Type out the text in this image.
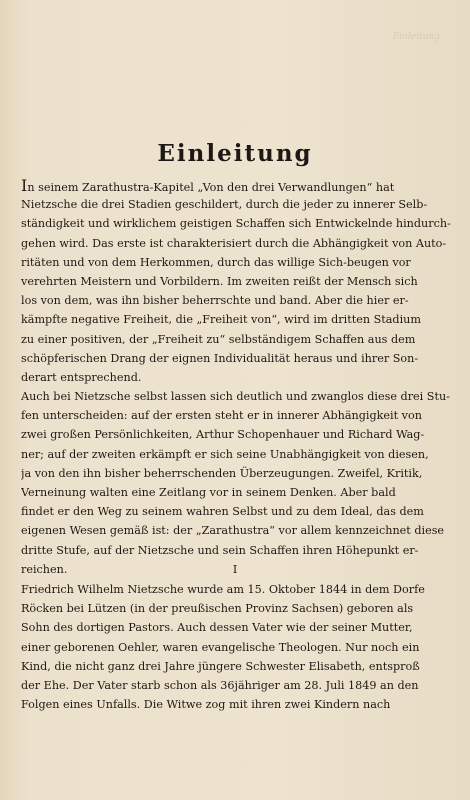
Einleitung
Einleitung
In seinem Zarathustra-Kapitel „Von den drei Verwandlungen“ hat
Nietzsche die drei Stadien geschildert, durch die jeder zu innerer Selb-
ständigkeit und wirklichem geistigen Schaffen sich Entwickelnde hindurch-
gehen wird. Das erste ist charakterisiert durch die Abhängigkeit von Auto-
ritäten und von dem Herkommen, durch das willige Sich-beugen vor
verehrten Meistern und Vorbildern. Im zweiten reißt der Mensch sich
los von dem, was ihn bisher beherrschte und band. Aber die hier er-
kämpfte negative Freiheit, die „Freiheit von“, wird im dritten Stadium
zu einer positiven, der „Freiheit zu“ selbständigem Schaffen aus dem
schöpferischen Drang der eignen Individualität heraus und ihrer Son-
derart entsprechend.
Auch bei Nietzsche selbst lassen sich deutlich und zwanglos diese drei Stu-
fen unterscheiden: auf der ersten steht er in innerer Abhängigkeit von
zwei großen Persönlichkeiten, Arthur Schopenhauer und Richard Wag-
ner; auf der zweiten erkämpft er sich seine Unabhängigkeit von diesen,
ja von den ihn bisher beherrschenden Überzeugungen. Zweifel, Kritik,
Verneinung walten eine Zeitlang vor in seinem Denken. Aber bald
findet er den Weg zu seinem wahren Selbst und zu dem Ideal, das dem
eigenen Wesen gemäß ist: der „Zarathustra“ vor allem kennzeichnet diese
dritte Stufe, auf der Nietzsche und sein Schaffen ihren Höhepunkt er-
reichen.	I
Friedrich Wilhelm Nietzsche wurde am 15. Oktober 1844 in dem Dorfe
Röcken bei Lützen (in der preußischen Provinz Sachsen) geboren als
Sohn des dortigen Pastors. Auch dessen Vater wie der seiner Mutter,
einer geborenen Oehler, waren evangelische Theologen. Nur noch ein
Kind, die nicht ganz drei Jahre jüngere Schwester Elisabeth, entsproß
der Ehe. Der Vater starb schon als 36jähriger am 28. Juli 1849 an den
Folgen eines Unfalls. Die Witwe zog mit ihren zwei Kindern nach
